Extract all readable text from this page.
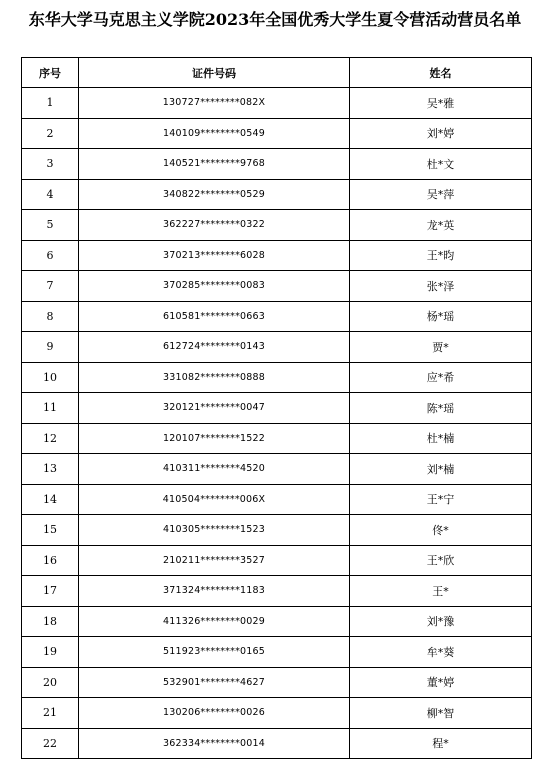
东华大学马克思主义学院2023年全国优秀大学生夏令营活动营员名单
序号	证件号码	姓名
1	130727********082X	吴*雅
2	140109********0549	刘*婷
3	140521********9768	杜*文
4	340822********0529	吴*萍
5	362227********0322	龙*英
6	370213********6028	王*昀
7	370285********0083	张*泽
8	610581********0663	杨*瑶
9	612724********0143	贾*
10	331082********0888	应*希
11	320121********0047	陈*瑶
12	120107********1522	杜*楠
13	410311********4520	刘*楠
14	410504********006X	王*宁
15	410305********1523	佟*
16	210211********3527	王*欣
17	371324********1183	王*
18	411326********0029	刘*豫
19	511923********0165	牟*葵
20	532901********4627	董*婷
21	130206********0026	柳*智
22	362334********0014	程*
